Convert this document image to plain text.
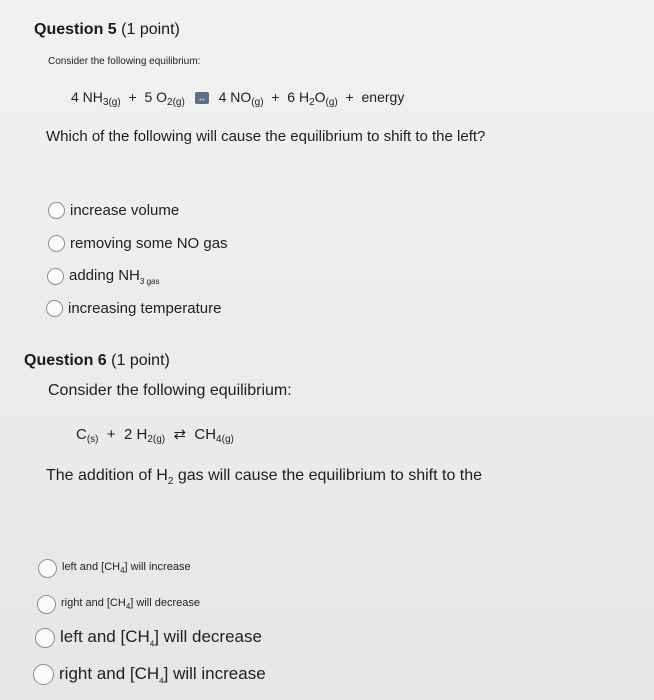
Question 5 (1 point)
Consider the following equilibrium:
4 $NH_{3(g)} + 5$ $O_{2(g)}$ ↔ 4 $NO_{(g)} + 6$ $H_2O_{(g)}$ + energy
Which of the following will cause the equilibrium to shift to the left?
increase volume
removing some NO gas
adding $NH_{3 gas}$
increasing temperature
Question 6 (1 point)
Consider the following equilibrium:
$C_{(s)} + 2$ $H_{2(g)}$ ⇄ $CH_{4(g)}$
The addition of $H_2$ gas will cause the equilibrium to shift to the
left and $[CH_4]$ will increase
right and $[CH_4]$ will decrease
left and $[CH_4]$ will decrease
right and $[CH_4]$ will increase
